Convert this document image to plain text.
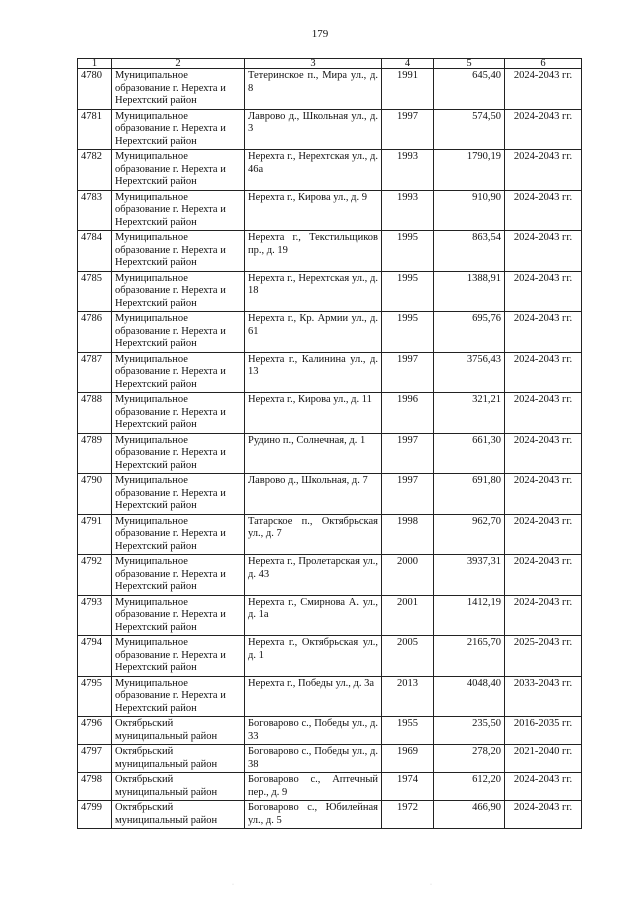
179
1	2	3	4	5	6
4780	Муниципальное образование г. Нерехта и Нерехтский район	Тетеринское п., Мира ул., д. 8	1991	645,40	2024-2043 гг.
4781	Муниципальное образование г. Нерехта и Нерехтский район	Лаврово д., Школьная ул., д. 3	1997	574,50	2024-2043 гг.
4782	Муниципальное образование г. Нерехта и Нерехтский район	Нерехта г., Нерехтская ул., д. 46а	1993	1790,19	2024-2043 гг.
4783	Муниципальное образование г. Нерехта и Нерехтский район	Нерехта г., Кирова ул., д. 9	1993	910,90	2024-2043 гг.
4784	Муниципальное образование г. Нерехта и Нерехтский район	Нерехта г., Текстильщиков пр., д. 19	1995	863,54	2024-2043 гг.
4785	Муниципальное образование г. Нерехта и Нерехтский район	Нерехта г., Нерехтская ул., д. 18	1995	1388,91	2024-2043 гг.
4786	Муниципальное образование г. Нерехта и Нерехтский район	Нерехта г., Кр. Армии ул., д. 61	1995	695,76	2024-2043 гг.
4787	Муниципальное образование г. Нерехта и Нерехтский район	Нерехта г., Калинина ул., д. 13	1997	3756,43	2024-2043 гг.
4788	Муниципальное образование г. Нерехта и Нерехтский район	Нерехта г., Кирова ул., д. 11	1996	321,21	2024-2043 гг.
4789	Муниципальное образование г. Нерехта и Нерехтский район	Рудино п., Солнечная, д. 1	1997	661,30	2024-2043 гг.
4790	Муниципальное образование г. Нерехта и Нерехтский район	Лаврово д., Школьная, д. 7	1997	691,80	2024-2043 гг.
4791	Муниципальное образование г. Нерехта и Нерехтский район	Татарское п., Октябрьская ул., д. 7	1998	962,70	2024-2043 гг.
4792	Муниципальное образование г. Нерехта и Нерехтский район	Нерехта г., Пролетарская ул., д. 43	2000	3937,31	2024-2043 гг.
4793	Муниципальное образование г. Нерехта и Нерехтский район	Нерехта г., Смирнова А. ул., д. 1а	2001	1412,19	2024-2043 гг.
4794	Муниципальное образование г. Нерехта и Нерехтский район	Нерехта г., Октябрьская ул., д. 1	2005	2165,70	2025-2043 гг.
4795	Муниципальное образование г. Нерехта и Нерехтский район	Нерехта г., Победы ул., д. 3а	2013	4048,40	2033-2043 гг.
4796	Октябрьский муниципальный район	Боговарово с., Победы ул., д. 33	1955	235,50	2016-2035 гг.
4797	Октябрьский муниципальный район	Боговарово с., Победы ул., д. 38	1969	278,20	2021-2040 гг.
4798	Октябрьский муниципальный район	Боговарово с., Аптечный пер., д. 9	1974	612,20	2024-2043 гг.
4799	Октябрьский муниципальный район	Боговарово с., Юбилейная ул., д. 5	1972	466,90	2024-2043 гг.
·	·
